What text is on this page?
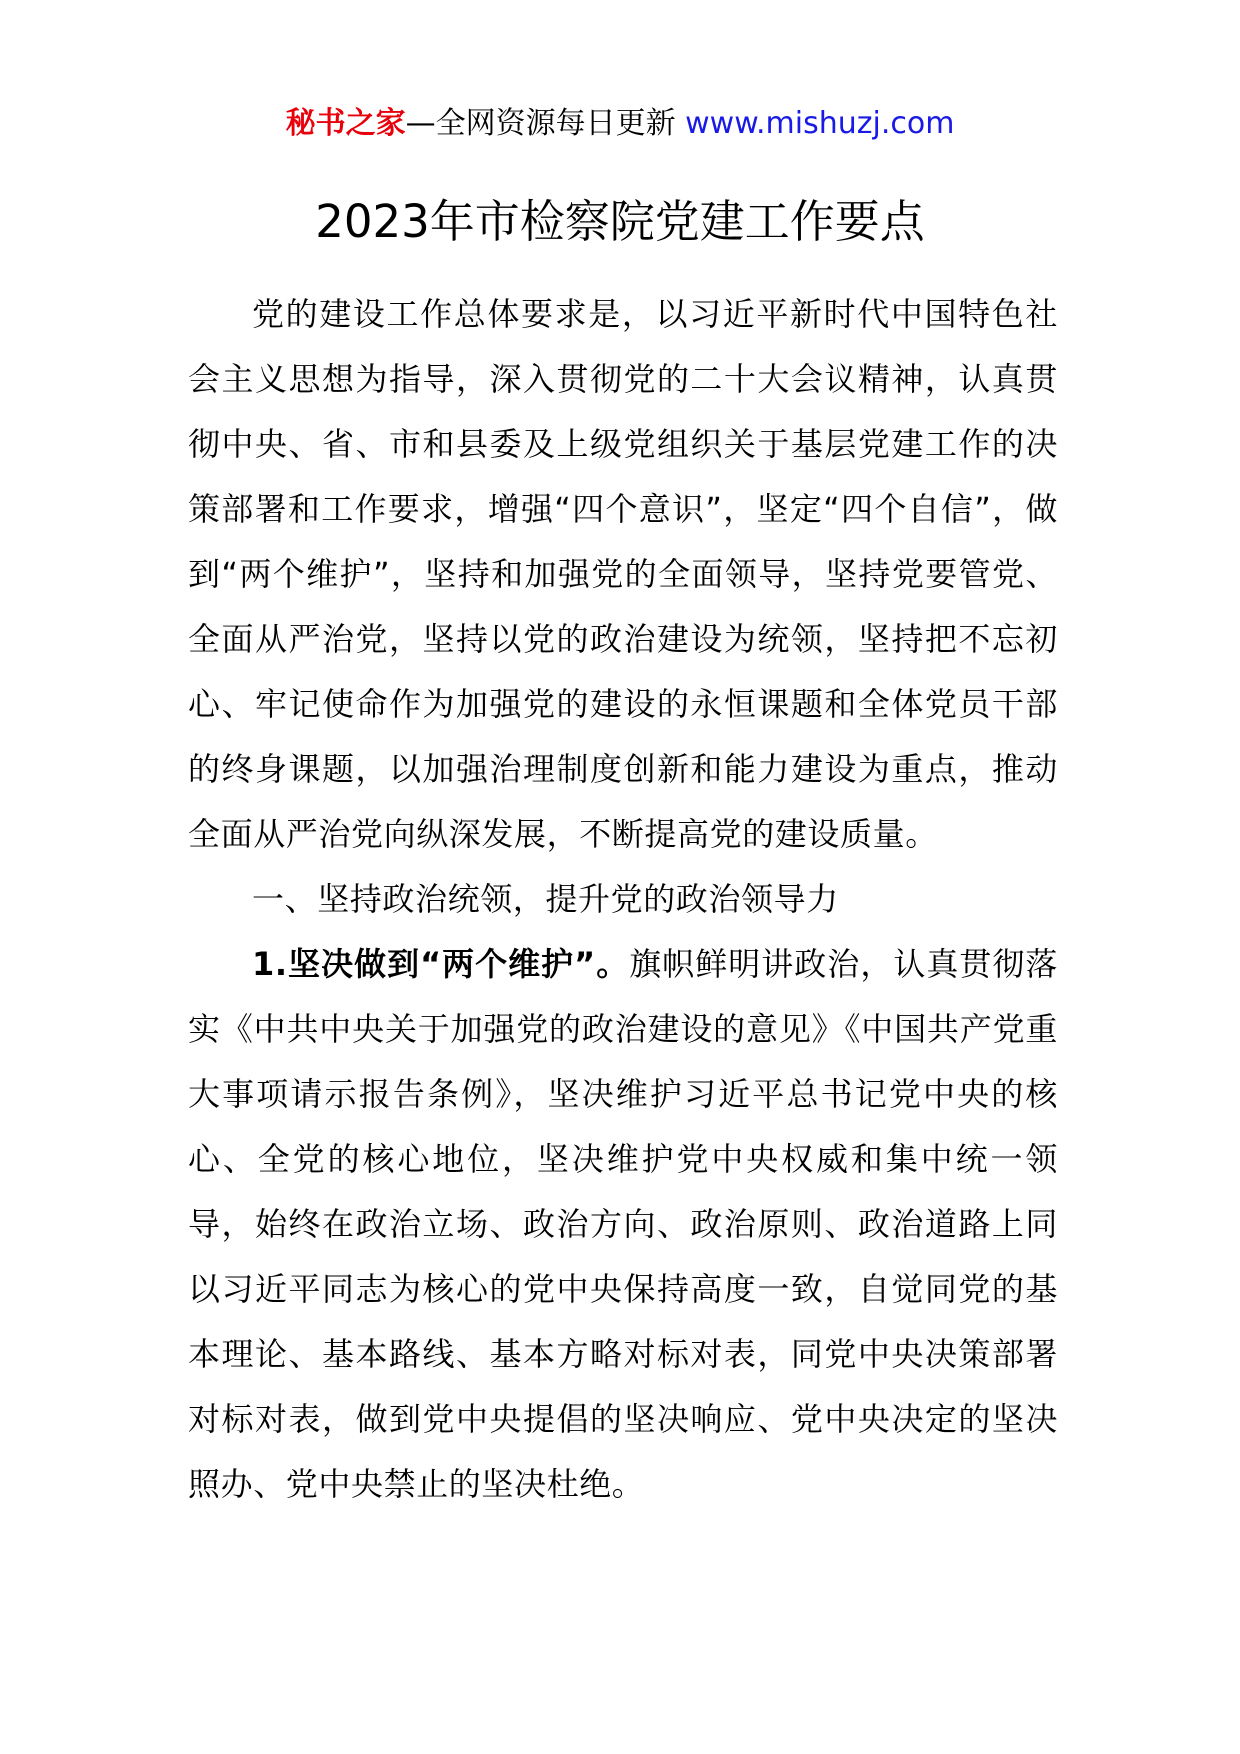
秘书之家—全网资源每日更新 www.mishuzj.com
2023年市检察院党建工作要点

党的建设工作总体要求是，以习近平新时代中国特色社会主义思想为指导，深入贯彻党的二十大会议精神，认真贯彻中央、省、市和县委及上级党组织关于基层党建工作的决策部署和工作要求，增强“四个意识”，坚定“四个自信”，做到“两个维护”，坚持和加强党的全面领导，坚持党要管党、全面从严治党，坚持以党的政治建设为统领，坚持把不忘初心、牢记使命作为加强党的建设的永恒课题和全体党员干部的终身课题，以加强治理制度创新和能力建设为重点，推动全面从严治党向纵深发展，不断提高党的建设质量。

一、坚持政治统领，提升党的政治领导力

1.坚决做到“两个维护”。旗帜鲜明讲政治，认真贯彻落实《中共中央关于加强党的政治建设的意见》《中国共产党重大事项请示报告条例》，坚决维护习近平总书记党中央的核心、全党的核心地位，坚决维护党中央权威和集中统一领导，始终在政治立场、政治方向、政治原则、政治道路上同以习近平同志为核心的党中央保持高度一致，自觉同党的基本理论、基本路线、基本方略对标对表，同党中央决策部署对标对表，做到党中央提倡的坚决响应、党中央决定的坚决照办、党中央禁止的坚决杜绝。
